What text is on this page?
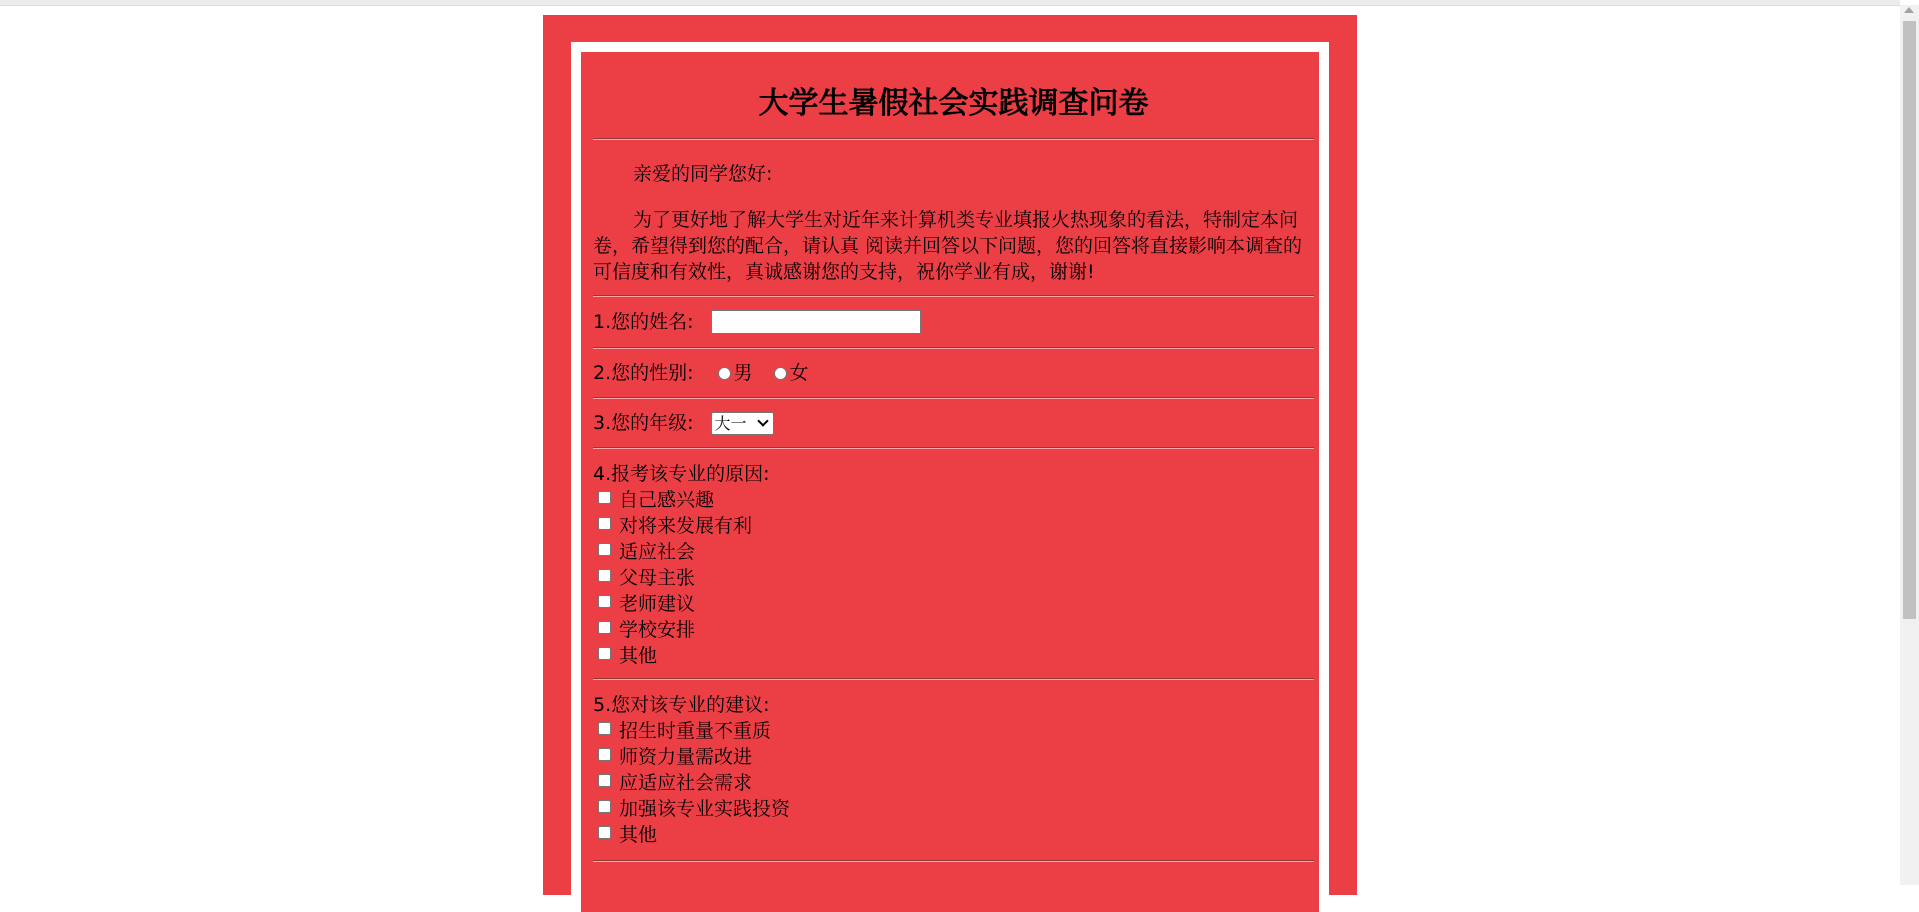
大学生暑假社会实践调查问卷

亲爱的同学您好:

为了更好地了解大学生对近年来计算机类专业填报火热现象的看法，特制定本问卷，希望得到您的配合，请认真 阅读并回答以下问题，您的回答将直接影响本调查的可信度和有效性，真诚感谢您的支持，祝你学业有成，谢谢!

1.您的姓名:
2.您的性别: 男 女
3.您的年级: 大一

4.报考该专业的原因:

自己感兴趣
对将来发展有利
适应社会
父母主张
老师建议
学校安排
其他

5.您对该专业的建议:

招生时重量不重质
师资力量需改进
应适应社会需求
加强该专业实践投资
其他
